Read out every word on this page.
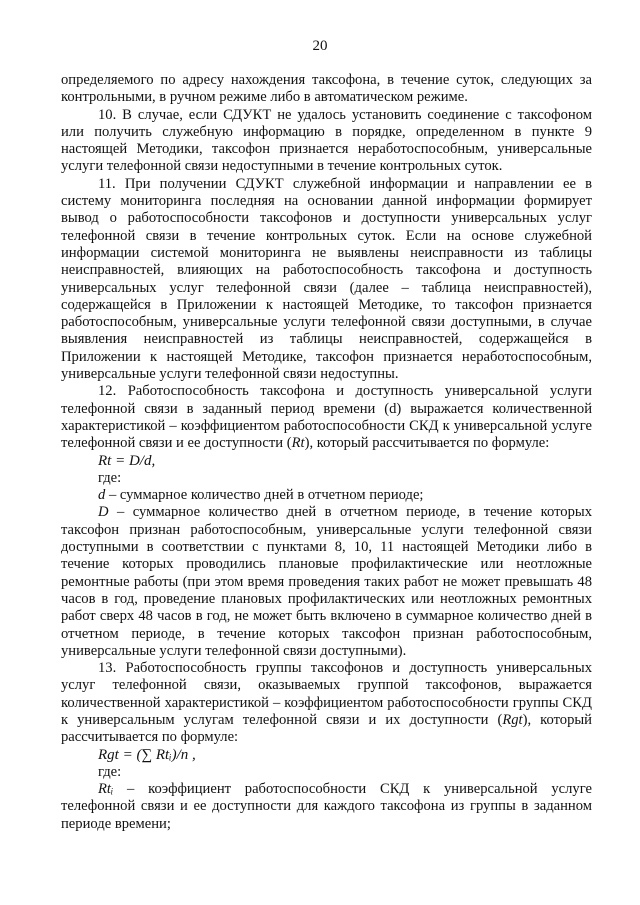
20

определяемого по адресу нахождения таксофона, в течение суток, следующих за контрольными, в ручном режиме либо в автоматическом режиме.

10. В случае, если СДУКТ не удалось установить соединение с таксофоном или получить служебную информацию в порядке, определенном в пункте 9 настоящей Методики, таксофон признается неработоспособным, универсальные услуги телефонной связи недоступными в течение контрольных суток.

11. При получении СДУКТ служебной информации и направлении ее в систему мониторинга последняя на основании данной информации формирует вывод о работоспособности таксофонов и доступности универсальных услуг телефонной связи в течение контрольных суток. Если на основе служебной информации системой мониторинга не выявлены неисправности из таблицы неисправностей, влияющих на работоспособность таксофона и доступность универсальных услуг телефонной связи (далее – таблица неисправностей), содержащейся в Приложении к настоящей Методике, то таксофон признается работоспособным, универсальные услуги телефонной связи доступными, в случае выявления неисправностей из таблицы неисправностей, содержащейся в Приложении к настоящей Методике, таксофон признается неработоспособным, универсальные услуги телефонной связи недоступны.

12. Работоспособность таксофона и доступность универсальной услуги телефонной связи в заданный период времени (d) выражается количественной характеристикой – коэффициентом работоспособности СКД к универсальной услуге телефонной связи и ее доступности (Rt), который рассчитывается по формуле:

Rt = D/d,

где:

d – суммарное количество дней в отчетном периоде;

D – суммарное количество дней в отчетном периоде, в течение которых таксофон признан работоспособным, универсальные услуги телефонной связи доступными в соответствии с пунктами 8, 10, 11 настоящей Методики либо в течение которых проводились плановые профилактические или неотложные ремонтные работы (при этом время проведения таких работ не может превышать 48 часов в год, проведение плановых профилактических или неотложных ремонтных работ сверх 48 часов в год, не может быть включено в суммарное количество дней в отчетном периоде, в течение которых таксофон признан работоспособным, универсальные услуги телефонной связи доступными).

13. Работоспособность группы таксофонов и доступность универсальных услуг телефонной связи, оказываемых группой таксофонов, выражается количественной характеристикой – коэффициентом работоспособности группы СКД к универсальным услугам телефонной связи и их доступности (Rgt), который рассчитывается по формуле:

Rgt = (∑ Rtᵢ)/n ,

где:

Rtᵢ – коэффициент работоспособности СКД к универсальной услуге телефонной связи и ее доступности для каждого таксофона из группы в заданном периоде времени;
